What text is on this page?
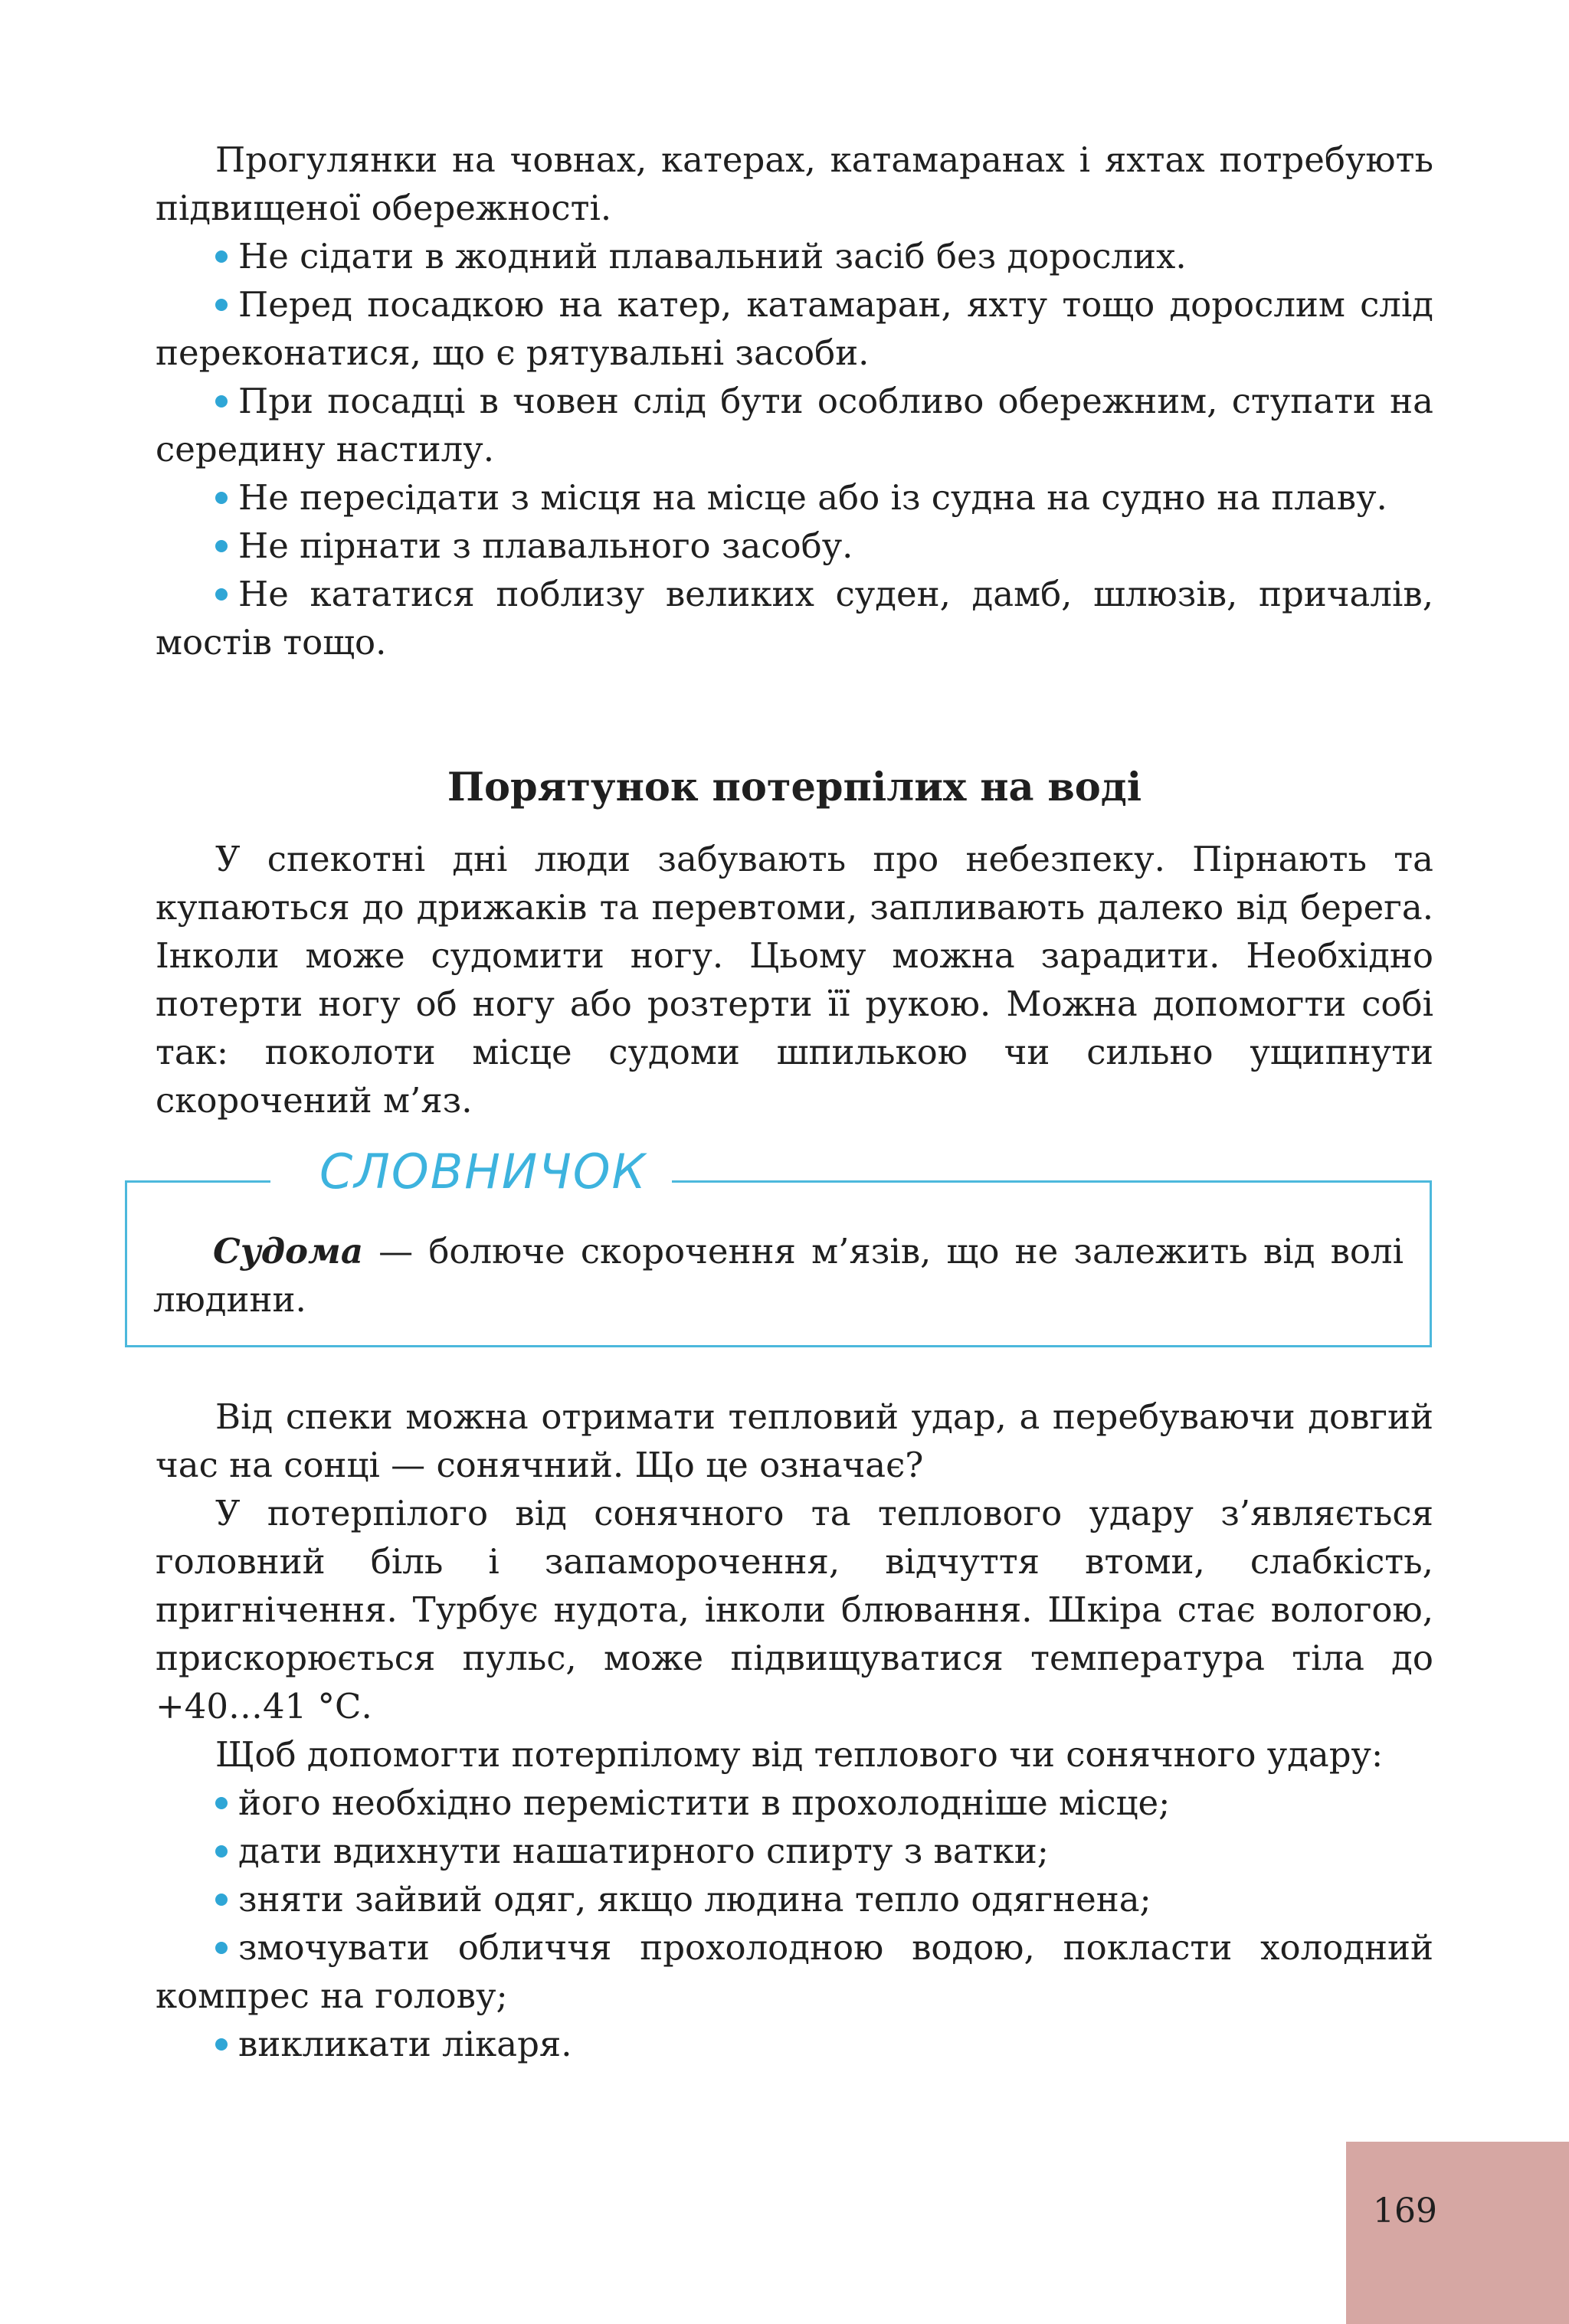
Прогулянки на човнах, катерах, катамаранах і яхтах потребують підвищеної обережності.

Не сідати в жодний плавальний засіб без дорослих.

Перед посадкою на катер, катамаран, яхту тощо дорослим слід переконатися, що є рятувальні засоби.

При посадці в човен слід бути особливо обережним, ступати на середину настилу.

Не пересідати з місця на місце або із судна на судно на плаву.

Не пірнати з плавального засобу.

Не кататися поблизу великих суден, дамб, шлюзів, причалів, мостів тощо.

Порятунок потерпілих на воді

У спекотні дні люди забувають про небезпеку. Пірнають та купаються до дрижаків та перевтоми, запливають далеко від берега. Інколи може судомити ногу. Цьому можна зарадити. Необхідно потерти ногу об ногу або розтерти її рукою. Можна допомогти собі так: поколоти місце судоми шпилькою чи сильно ущипнути скорочений м’яз.

СЛОВНИЧОК

Судома — болюче скорочення м’язів, що не залежить від волі людини.

Від спеки можна отримати тепловий удар, а перебуваючи довгий час на сонці — сонячний. Що це означає?

У потерпілого від сонячного та теплового удару з’являється головний біль і запаморочення, відчуття втоми, слабкість, пригнічення. Турбує нудота, інколи блювання. Шкіра стає вологою, прискорюється пульс, може підвищуватися температура тіла до +40…41 °С.

Щоб допомогти потерпілому від теплового чи сонячного удару:

його необхідно перемістити в прохолодніше місце;

дати вдихнути нашатирного спирту з ватки;

зняти зайвий одяг, якщо людина тепло одягнена;

змочувати обличчя прохолодною водою, покласти холодний компрес на голову;

викликати лікаря.

169
